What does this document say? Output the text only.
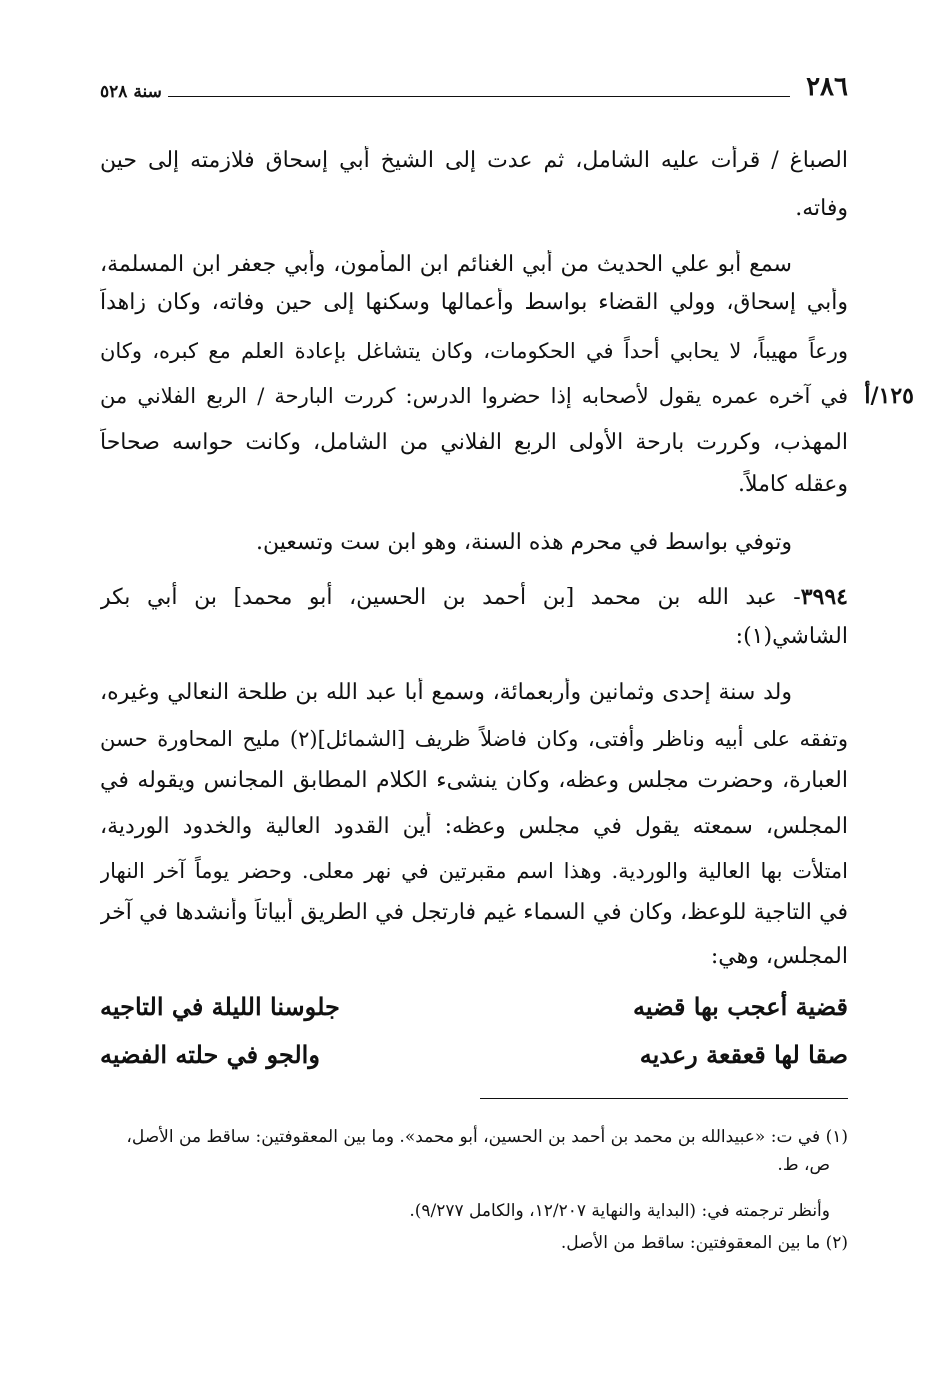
٢٨٦
سنة ٥٢٨
الصباغ / قرأت عليه الشامل، ثم عدت إلى الشيخ أبي إسحاق فلازمته إلى حين
وفاته.
سمع أبو علي الحديث من أبي الغنائم ابن المأمون، وأبي جعفر ابن المسلمة،
وأبي إسحاق، وولي القضاء بواسط وأعمالها وسكنها إلى حين وفاته، وكان زاهداً
ورعاً مهيباً، لا يحابي أحداً في الحكومات، وكان يتشاغل بإعادة العلم مع كبره، وكان
في آخره عمره يقول لأصحابه إذا حضروا الدرس: كررت البارحة / الربع الفلاني من ١٢٥/أ
المهذب، وكررت بارحة الأولى الربع الفلاني من الشامل، وكانت حواسه صحاحاً
وعقله كاملاً.
وتوفي بواسط في محرم هذه السنة، وهو ابن ست وتسعين.
٣٩٩٤- عبد الله بن محمد [بن أحمد بن الحسين، أبو محمد] بن أبي بكر
الشاشي(١):
ولد سنة إحدى وثمانين وأربعمائة، وسمع أبا عبد الله بن طلحة النعالي وغيره،
وتفقه على أبيه وناظر وأفتى، وكان فاضلاً ظريف [الشمائل](٢) مليح المحاورة حسن
العبارة، وحضرت مجلس وعظه، وكان ينشىء الكلام المطابق المجانس ويقوله في
المجلس، سمعته يقول في مجلس وعظه: أين القدود العالية والخدود الوردية،
امتلأت بها العالية والوردية. وهذا اسم مقبرتين في نهر معلى. وحضر يوماً آخر النهار
في التاجية للوعظ، وكان في السماء غيم فارتجل في الطريق أبياتاً وأنشدها في آخر
المجلس، وهي:
قضية أعجب بها قضيه
جلوسنا الليلة في التاجيه
صقا لها قعقعة رعديه
والجو في حلته الفضيه
(١) في ت: «عبيدالله بن محمد بن أحمد بن الحسين، أبو محمد». وما بين المعقوفتين: ساقط من الأصل،
ص، ط.
وأنظر ترجمته في: (البداية والنهاية ١٢/٢٠٧، والكامل ٩/٢٧٧).
(٢) ما بين المعقوفتين: ساقط من الأصل.
